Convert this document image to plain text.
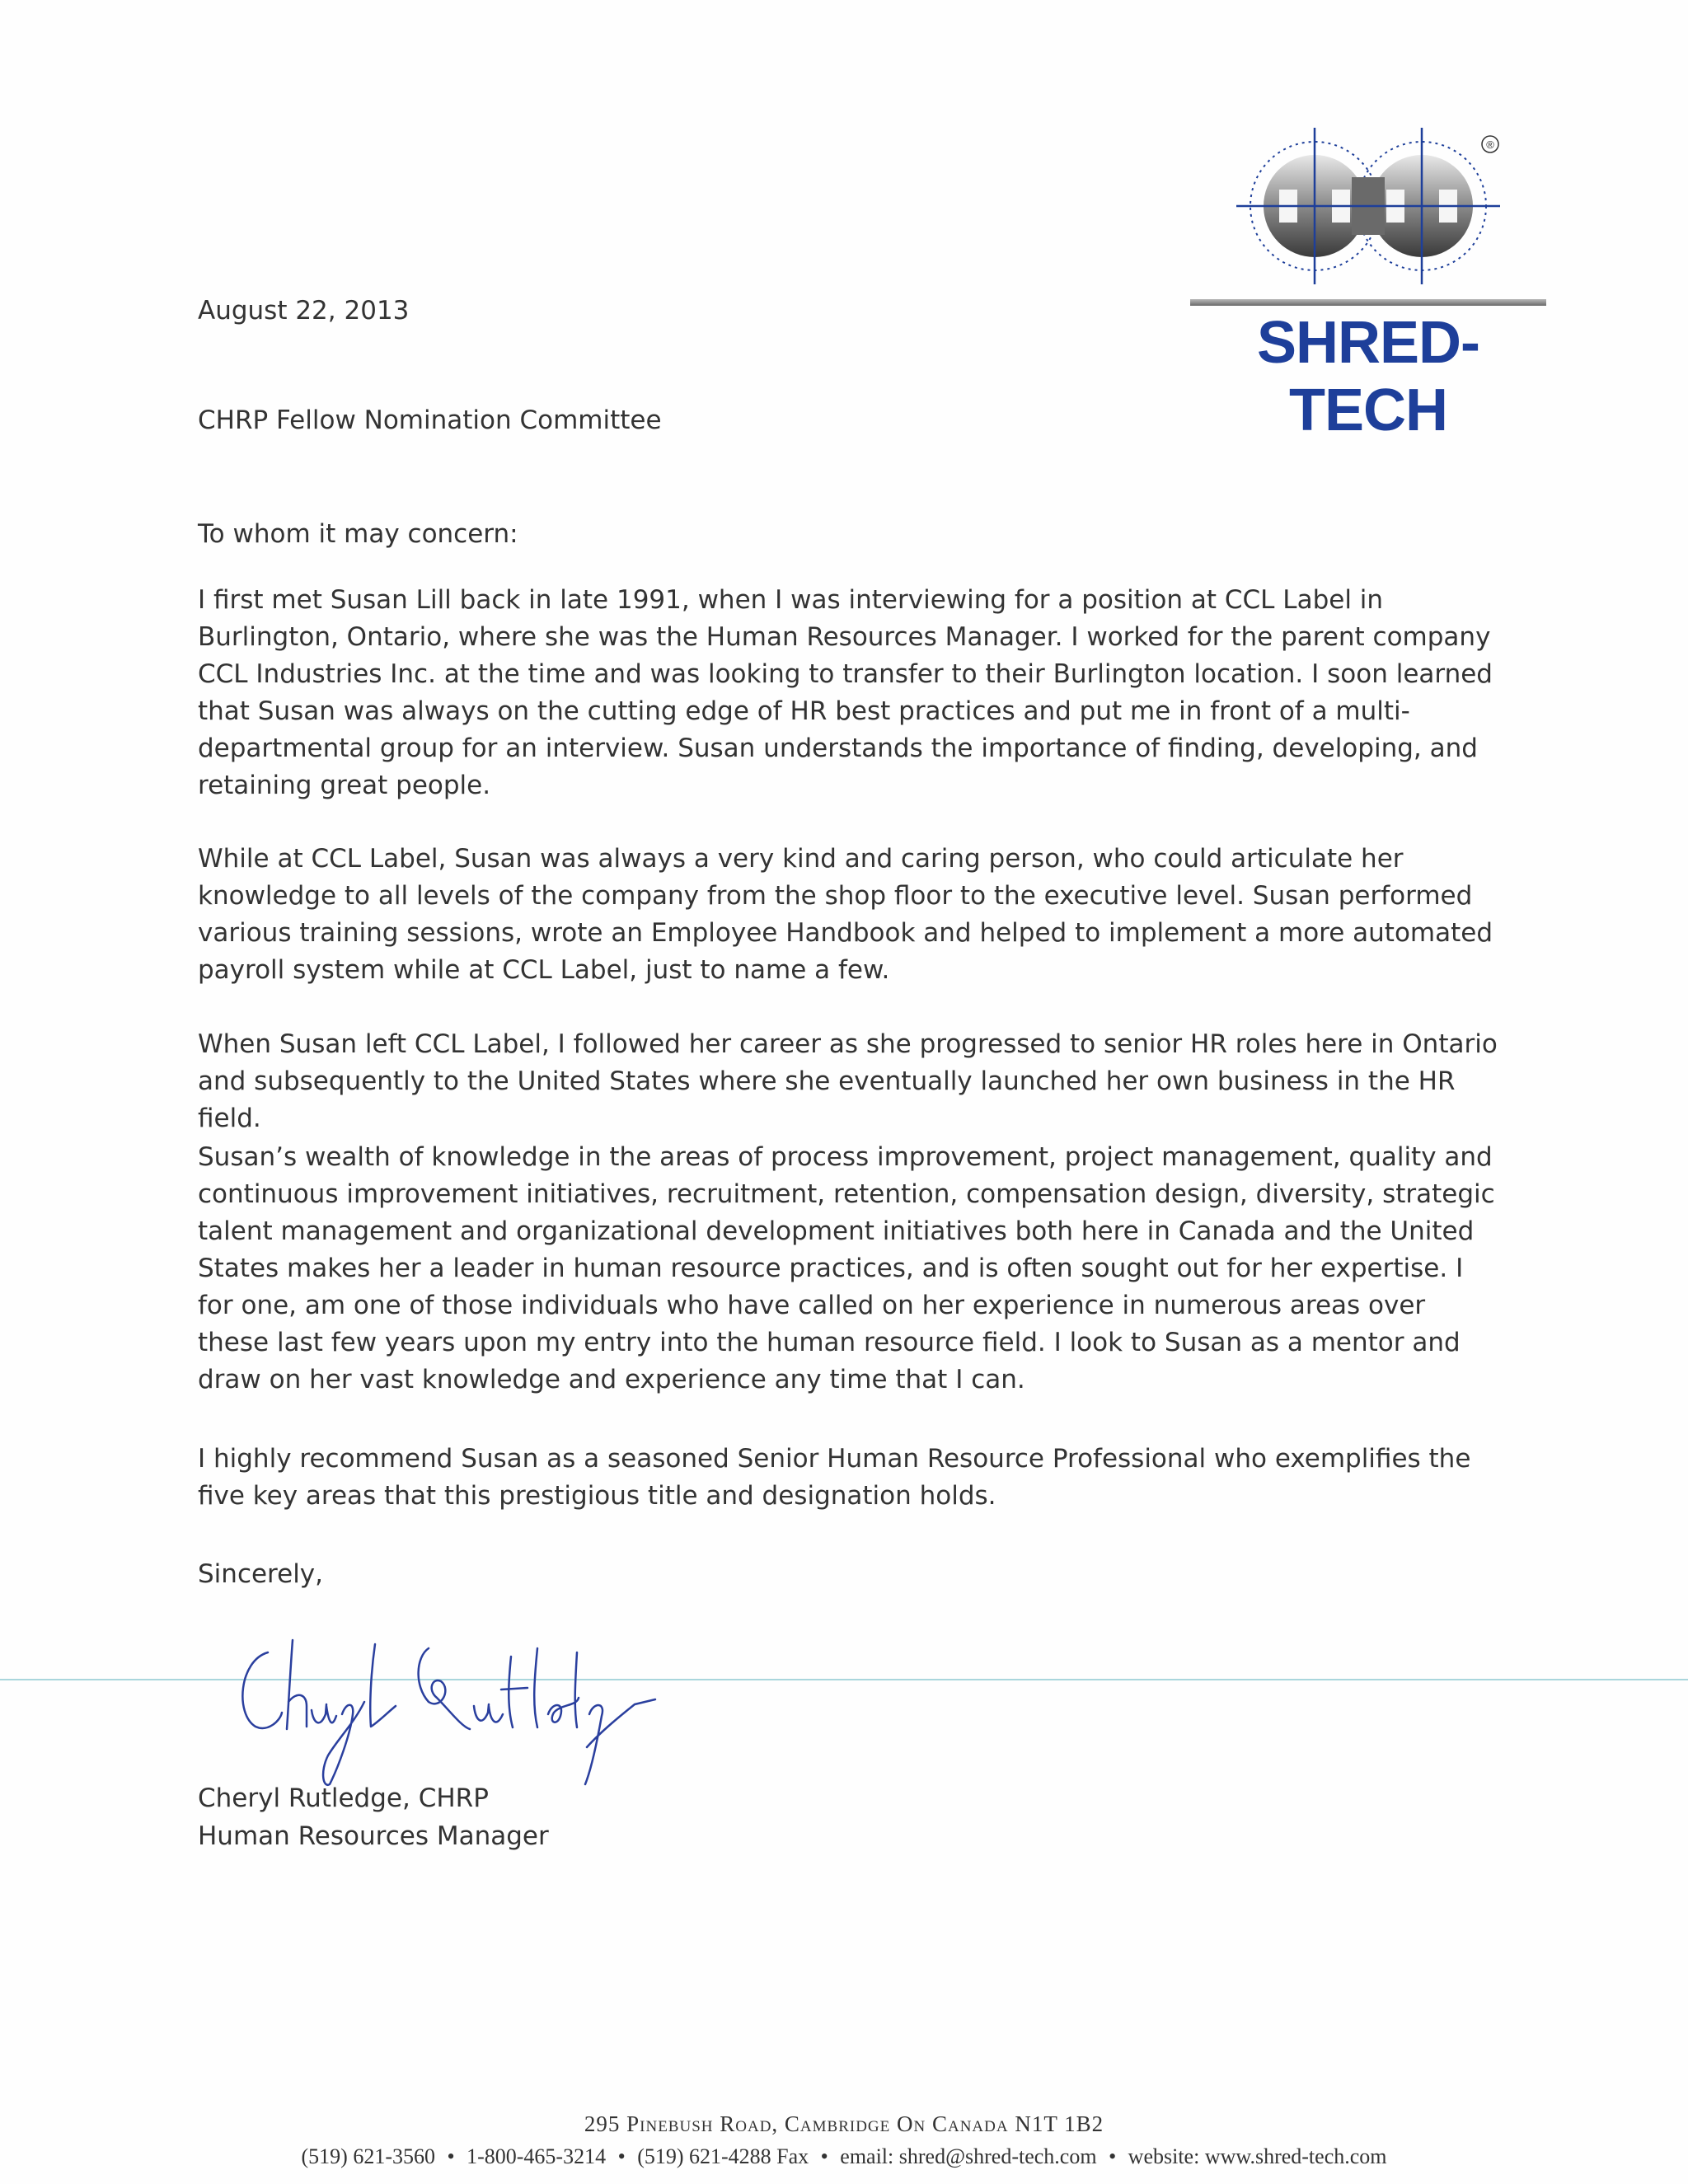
®
SHRED-TECH
August 22, 2013
CHRP Fellow Nomination Committee
To whom it may concern:
I first met Susan Lill back in late 1991, when I was interviewing for a position at CCL Label in Burlington, Ontario, where she was the Human Resources Manager. I worked for the parent company CCL Industries Inc. at the time and was looking to transfer to their Burlington location. I soon learned that Susan was always on the cutting edge of HR best practices and put me in front of a multi-departmental group for an interview. Susan understands the importance of finding, developing, and retaining great people.
While at CCL Label, Susan was always a very kind and caring person, who could articulate her knowledge to all levels of the company from the shop floor to the executive level. Susan performed various training sessions, wrote an Employee Handbook and helped to implement a more automated payroll system while at CCL Label, just to name a few.
When Susan left CCL Label, I followed her career as she progressed to senior HR roles here in Ontario and subsequently to the United States where she eventually launched her own business in the HR field.
Susan’s wealth of knowledge in the areas of process improvement, project management, quality and continuous improvement initiatives, recruitment, retention, compensation design, diversity, strategic talent management and organizational development initiatives both here in Canada and the United States makes her a leader in human resource practices, and is often sought out for her expertise. I for one, am one of those individuals who have called on her experience in numerous areas over these last few years upon my entry into the human resource field. I look to Susan as a mentor and draw on her vast knowledge and experience any time that I can.
I highly recommend Susan as a seasoned Senior Human Resource Professional who exemplifies the five key areas that this prestigious title and designation holds.
Sincerely,
Cheryl Rutledge, CHRP
Human Resources Manager
295 Pinebush Road, Cambridge On Canada N1T 1B2
(519) 621-3560 • 1-800-465-3214 • (519) 621-4288 Fax • email: shred@shred-tech.com • website: www.shred-tech.com
